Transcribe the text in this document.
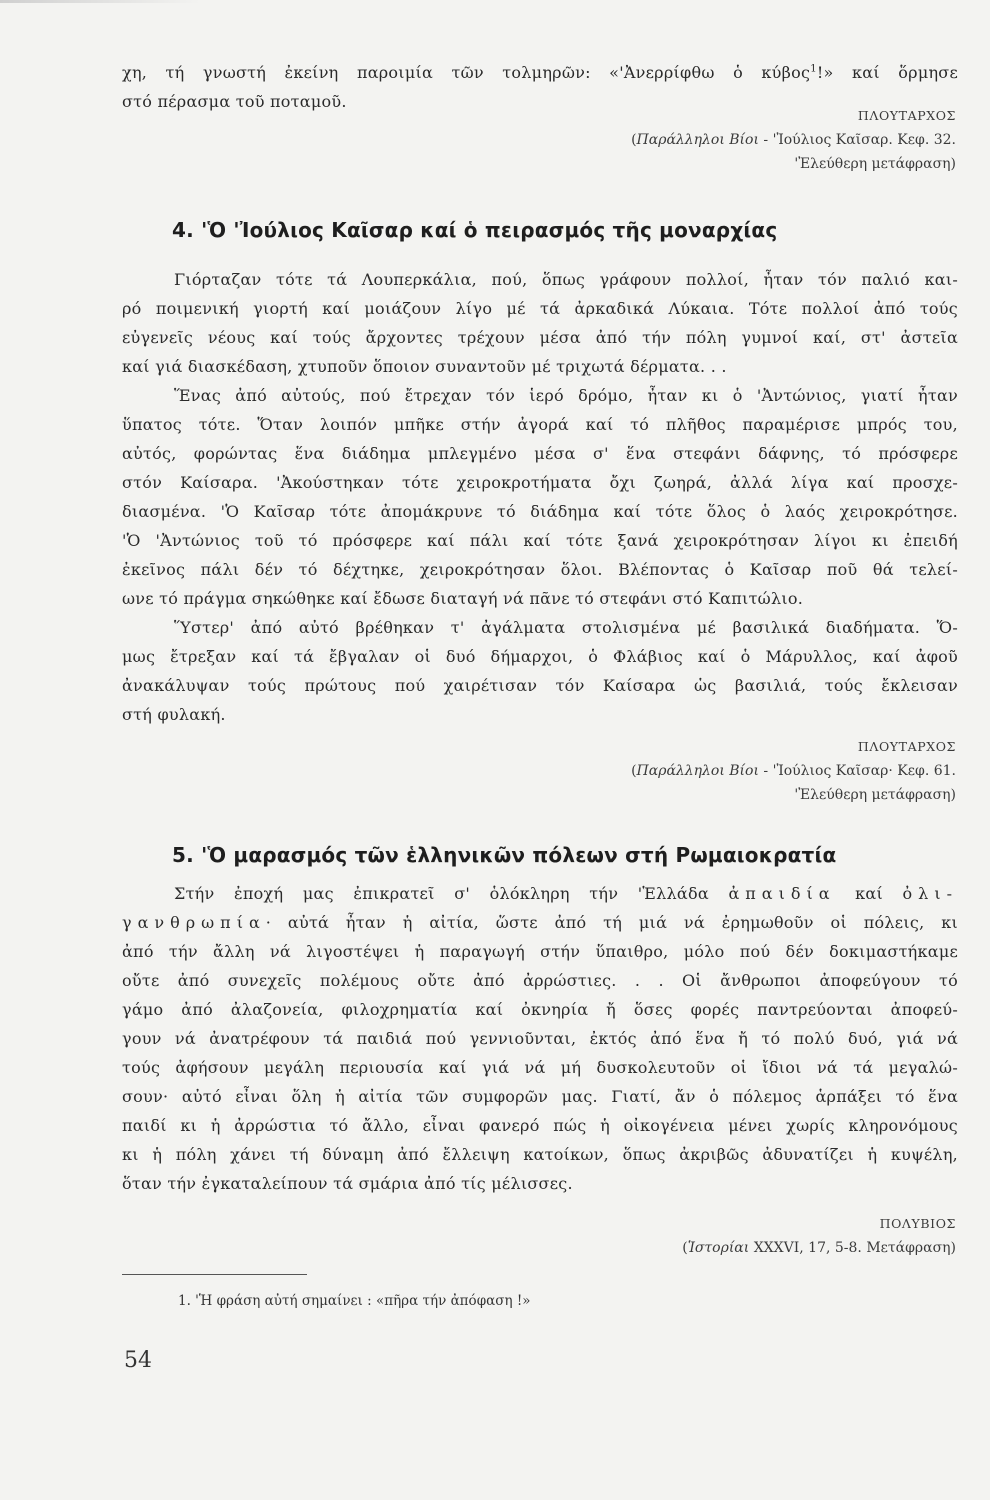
χη, τή γνωστή ἐκείνη παροιμία τῶν τολμηρῶν: «'Ἀνερρίφθω ὁ κύβος$^1$!» καί ὅρμησε
στό πέρασμα τοῦ ποταμοῦ.
ΠΛΟΥΤΑΡΧΟΣ
(Παράλληλοι Βίοι - 'Ἰούλιος Καῖσαρ. Κεφ. 32.
'Ἐλεύθερη μετάφραση)
4. 'Ὁ 'Ἰούλιος Καῖσαρ καί ὁ πειρασμός τῆς μοναρχίας

Γιόρταζαν τότε τά Λουπερκάλια, πού, ὅπως γράφουν πολλοί, ἦταν τόν παλιό και-
ρό ποιμενική γιορτή καί μοιάζουν λίγο μέ τά ἀρκαδικά Λύκαια. Τότε πολλοί ἀπό τούς
εὐγενεῖς νέους καί τούς ἄρχοντες τρέχουν μέσα ἀπό τήν πόλη γυμνοί καί, στ' ἀστεῖα
καί γιά διασκέδαση, χτυποῦν ὅποιον συναντοῦν μέ τριχωτά δέρματα. . .

Ἕνας ἀπό αὐτούς, πού ἔτρεχαν τόν ἱερό δρόμο, ἦταν κι ὁ 'Ἀντώνιος, γιατί ἦταν
ὕπατος τότε. Ὅταν λοιπόν μπῆκε στήν ἀγορά καί τό πλῆθος παραμέρισε μπρός του,
αὐτός, φορώντας ἕνα διάδημα μπλεγμένο μέσα σ' ἕνα στεφάνι δάφνης, τό πρόσφερε
στόν Καίσαρα. 'Ἀκούστηκαν τότε χειροκροτήματα ὄχι ζωηρά, ἀλλά λίγα καί προσχε-
διασμένα. 'Ὁ Καῖσαρ τότε ἀπομάκρυνε τό διάδημα καί τότε ὅλος ὁ λαός χειροκρότησε.
'Ὁ 'Ἀντώνιος τοῦ τό πρόσφερε καί πάλι καί τότε ξανά χειροκρότησαν λίγοι κι ἐπειδή
ἐκεῖνος πάλι δέν τό δέχτηκε, χειροκρότησαν ὅλοι. Βλέποντας ὁ Καῖσαρ ποῦ θά τελεί-
ωνε τό πράγμα σηκώθηκε καί ἔδωσε διαταγή νά πᾶνε τό στεφάνι στό Καπιτώλιο.

Ὕστερ' ἀπό αὐτό βρέθηκαν τ' ἀγάλματα στολισμένα μέ βασιλικά διαδήματα. Ὅ-
μως ἔτρεξαν καί τά ἔβγαλαν οἱ δυό δήμαρχοι, ὁ Φλάβιος καί ὁ Μάρυλλος, καί ἀφοῦ
ἀνακάλυψαν τούς πρώτους πού χαιρέτισαν τόν Καίσαρα ὡς βασιλιά, τούς ἔκλεισαν
στή φυλακή.

ΠΛΟΥΤΑΡΧΟΣ
(Παράλληλοι Βίοι - 'Ἰούλιος Καῖσαρ· Κεφ. 61.
'Ἐλεύθερη μετάφραση)
5. 'Ὁ μαρασμός τῶν ἑλληνικῶν πόλεων στή Ρωμαιοκρατία

Στήν ἐποχή μας ἐπικρατεῖ σ' ὁλόκληρη τήν 'Ἑλλάδα ἀπαιδία καί ὀλι-
γανθρωπία· αὐτά ἦταν ἡ αἰτία, ὥστε ἀπό τή μιά νά ἐρημωθοῦν οἱ πόλεις, κι
ἀπό τήν ἄλλη νά λιγοστέψει ἡ παραγωγή στήν ὕπαιθρο, μόλο πού δέν δοκιμαστήκαμε
οὔτε ἀπό συνεχεῖς πολέμους οὔτε ἀπό ἀρρώστιες. . . Οἱ ἄνθρωποι ἀποφεύγουν τό
γάμο ἀπό ἀλαζονεία, φιλοχρηματία καί ὀκνηρία ἤ ὅσες φορές παντρεύονται ἀποφεύ-
γουν νά ἀνατρέφουν τά παιδιά πού γεννιοῦνται, ἐκτός ἀπό ἕνα ἤ τό πολύ δυό, γιά νά
τούς ἀφήσουν μεγάλη περιουσία καί γιά νά μή δυσκολευτοῦν οἱ ἴδιοι νά τά μεγαλώ-
σουν· αὐτό εἶναι ὅλη ἡ αἰτία τῶν συμφορῶν μας. Γιατί, ἄν ὁ πόλεμος ἁρπάξει τό ἕνα
παιδί κι ἡ ἀρρώστια τό ἄλλο, εἶναι φανερό πώς ἡ οἰκογένεια μένει χωρίς κληρονόμους
κι ἡ πόλη χάνει τή δύναμη ἀπό ἔλλειψη κατοίκων, ὅπως ἀκριβῶς ἀδυνατίζει ἡ κυψέλη,
ὅταν τήν ἐγκαταλείπουν τά σμάρια ἀπό τίς μέλισσες.

ΠΟΛΥΒΙΟΣ
(Ἱστορίαι XXXVI, 17, 5-8. Μετάφραση)
1. 'Ἡ φράση αὐτή σημαίνει : «πῆρα τήν ἀπόφαση !»
54
